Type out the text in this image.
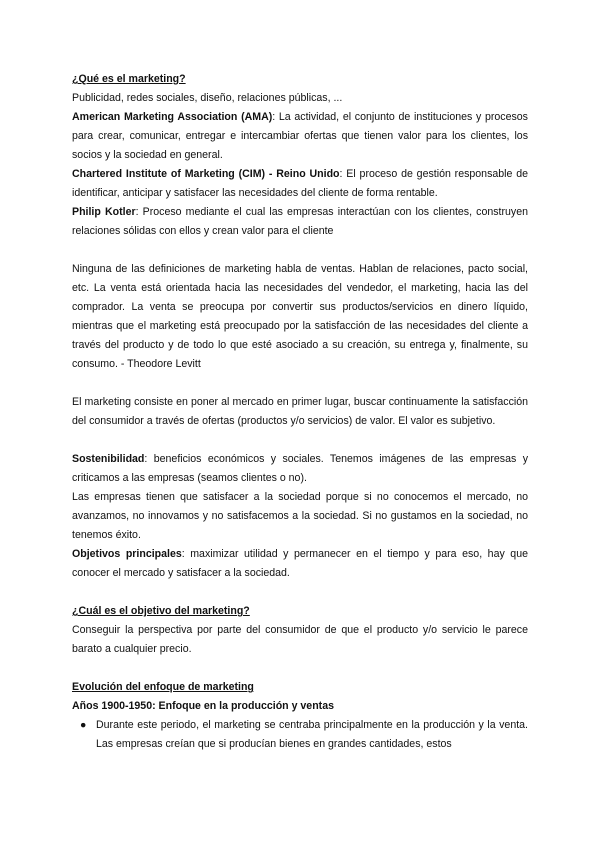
¿Qué es el marketing?

Publicidad, redes sociales, diseño, relaciones públicas, ...

American Marketing Association (AMA): La actividad, el conjunto de instituciones y procesos para crear, comunicar, entregar e intercambiar ofertas que tienen valor para los clientes, los socios y la sociedad en general.

Chartered Institute of Marketing (CIM) - Reino Unido: El proceso de gestión responsable de identificar, anticipar y satisfacer las necesidades del cliente de forma rentable.

Philip Kotler: Proceso mediante el cual las empresas interactúan con los clientes, construyen relaciones sólidas con ellos y crean valor para el cliente

Ninguna de las definiciones de marketing habla de ventas. Hablan de relaciones, pacto social, etc. La venta está orientada hacia las necesidades del vendedor, el marketing, hacia las del comprador. La venta se preocupa por convertir sus productos/servicios en dinero líquido, mientras que el marketing está preocupado por la satisfacción de las necesidades del cliente a través del producto y de todo lo que esté asociado a su creación, su entrega y, finalmente, su consumo. - Theodore Levitt

El marketing consiste en poner al mercado en primer lugar, buscar continuamente la satisfacción del consumidor a través de ofertas (productos y/o servicios) de valor. El valor es subjetivo.

Sostenibilidad: beneficios económicos y sociales. Tenemos imágenes de las empresas y criticamos a las empresas (seamos clientes o no).

Las empresas tienen que satisfacer a la sociedad porque si no conocemos el mercado, no avanzamos, no innovamos y no satisfacemos a la sociedad. Si no gustamos en la sociedad, no tenemos éxito.

Objetivos principales: maximizar utilidad y permanecer en el tiempo y para eso, hay que conocer el mercado y satisfacer a la sociedad.

¿Cuál es el objetivo del marketing?

Conseguir la perspectiva por parte del consumidor de que el producto y/o servicio le parece barato a cualquier precio.

Evolución del enfoque de marketing

Años 1900-1950: Enfoque en la producción y ventas

● Durante este periodo, el marketing se centraba principalmente en la producción y la venta. Las empresas creían que si producían bienes en grandes cantidades, estos
